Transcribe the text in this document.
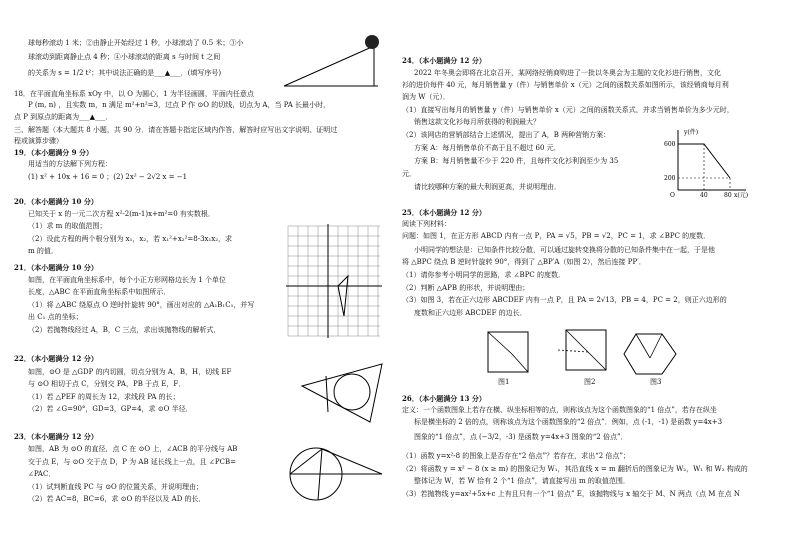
球每秒滚动 1 米；②由静止开始经过 1 秒，小球滚动了 0.5 米；③小
球滚动到距离静止点 4 秒；④小球滚动的距离 s 与时间 t 之间
的关系为 s = 1/2 t²；其中说法正确的是___▲___．(填写序号)
18．在平面直角坐标系 xOy 中，以 O 为圆心，1 为半径画圆，平面内任意点
P (m, n) ，且实数 m，n 满足 m²+n²=3，过点 P 作 ⊙O 的切线，切点为 A，当 PA 长最小时，
点 P 到原点的距离为___▲___．
三、解答题（本大题共 8 小题，共 90 分．请在答题卡指定区域内作答，解答时应写出文字说明、证明过
程或演算步骤）
19．（本小题满分 9 分）
用适当的方法解下列方程：
(1) x² + 10x + 16 = 0 ；(2) 2x² − 2√2 x = −1
20．（本小题满分 10 分）
已知关于 x 的一元二次方程 x²-2(m-1)x+m²=0 有实数根．
（1）求 m 的取值范围；
（2）设此方程的两个根分别为 x₁，x₂，若 x₁²+x₂²=8-3x₁x₂，求
m 的值．
21．（本小题满分 10 分）
如图，在平面直角坐标系中，每个小正方形网格边长为 1 个单位
长度，△ABC 在平面直角坐标系中如图所示．
（1）将 △ABC 绕原点 O 逆时针旋转 90°，画出对应的 △A₁B₁C₁，并写
出 C₁ 点的坐标；
（2）若抛物线经过 A，B，C 三点，求出该抛物线的解析式．
22．（本小题满分 12 分）
如图，⊙O 是 △GDP 的内切圆，切点分别为 A，B，H，切线 EF
与 ⊙O 相切于点 C，分别交 PA，PB 于点 E，F．
（1）若 △PEF 的周长为 12，求线段 PA 的长；
（2）若 ∠G=90°，GD=3，GP=4，求 ⊙O 半径．
23．（本小题满分 12 分）
如图，AB 为 ⊙O 的直径，点 C 在 ⊙O 上，∠ACB 的平分线与 AB
交于点 E，与 ⊙O 交于点 D，P 为 AB 延长线上一点，且 ∠PCB=
∠PAC．
（1）试判断直线 PC 与 ⊙O 的位置关系，并说明理由；
（2）若 AC=8，BC=6，求 ⊙O 的半径以及 AD 的长．
24．（本小题满分 12 分）
2022 年冬奥会即将在北京召开，某网络经销商购进了一批以冬奥会为主题的文化衫进行销售，文化
衫的进价每件 40 元，每月销售量 y（件）与销售单价 x（元）之间的函数关系如图所示，该经销商每月利
润为 W（元）．
（1）直接写出每月的销售量 y（件）与销售单价 x（元）之间的函数关系式，并求当销售单价为多少元时，
销售这款文化衫每月所获得的利润最大？
（2）该网店的营销部结合上述情况，提出了 A，B 两种营销方案：
方案 A：每月销售单价不高于且不超过 60 元．
方案 B：每月销售量不少于 220 件，且每件文化衫利润至少为 35
元．
请比较哪种方案的最大利润更高，并说明理由．
25．（本小题满分 12 分）
阅读下列材料：
问题：如图 1，在正方形 ABCD 内有一点 P，PA = √5，PB = √2，PC = 1，求 ∠BPC 的度数．
小明同学的想法是：已知条件比较分散，可以通过旋转变换将分散的已知条件集中在一起，于是他
将 △BPC 绕点 B 逆时针旋转 90°，得到了 △BP′A（如图 2），然后连接 PP′．
（1）请你参考小明同学的思路，求 ∠BPC 的度数．
（2）判断 △APB 的形状，并说明理由；
（3）如图 3，若在正六边形 ABCDEF 内有一点 P，且 PA = 2√13，PB = 4，PC = 2，则正六边形的
度数和正六边形 ABCDEF 的边长．
图1	图2	图3
26．（本小题满分 13 分）
定义：一个函数图象上若存在横、纵坐标相等的点，则称该点为这个函数图象的“1 倍点”，若存在纵坐
标是横坐标的 2 倍的点，则称该点为这个函数图象的“2 倍点”．例如，点 (-1，-1) 是函数 y=4x+3
图象的“1 倍点”，点 (−3/2，-3) 是函数 y=4x+3 图象的“2 倍点”．
（1）函数 y=x²-8 的图象上是否存在“2 倍点”？若存在，求出“2 倍点”；
（2）将函数 y = x² − 8 (x ≥ m) 的图象记为 W₁，其沿直线 x = m 翻折后的图象记为 W₂，W₁ 和 W₂ 构成的
整体记为 W，若 W 恰有 2 个“1 倍点”，请直接写出 m 的取值范围．
（3）若抛物线 y=ax²+5x+c 上有且只有一个“1 倍点” E，该抛物线与 x 轴交于 M、N 两点（点 M 在点 N
y(件)
x(元)
600
200
O	40	80
